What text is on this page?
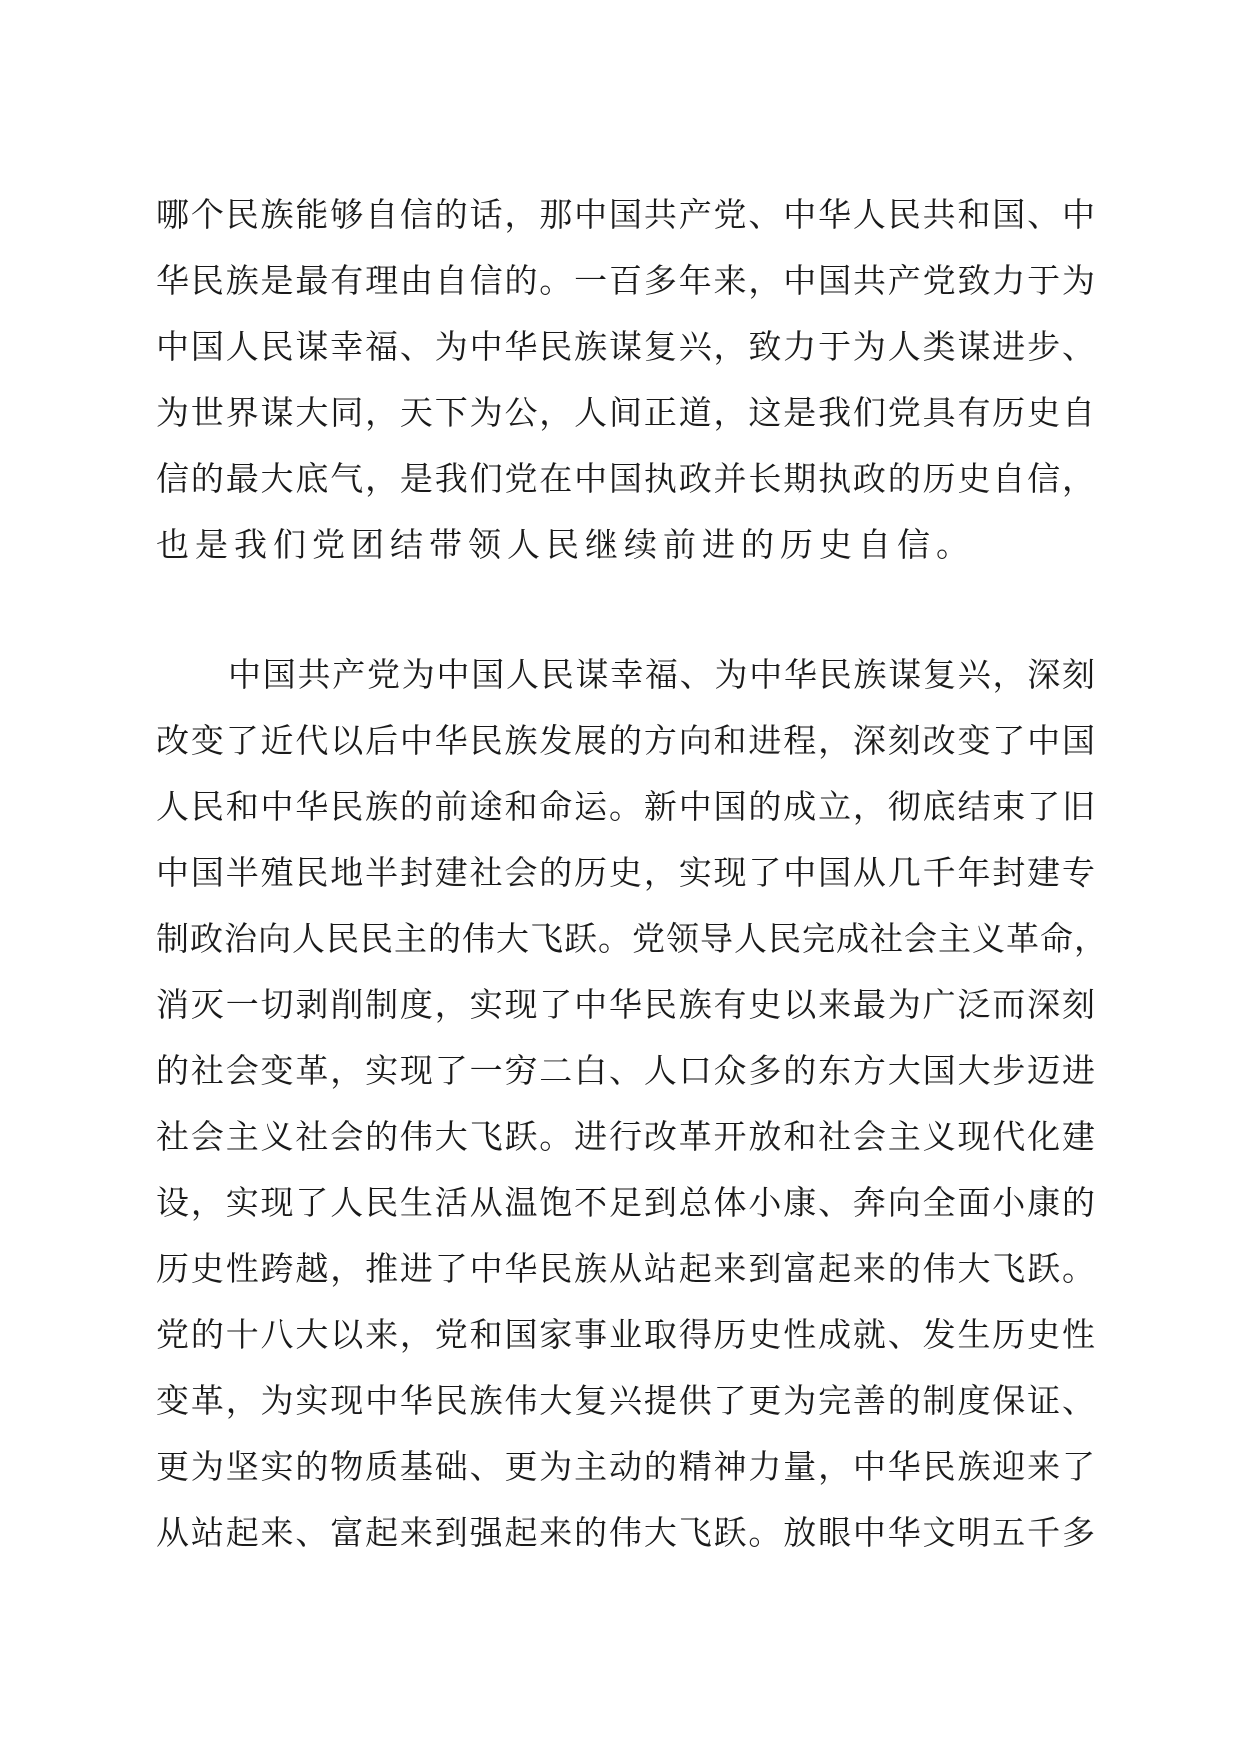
哪个民族能够自信的话，那中国共产党、中华人民共和国、中
华民族是最有理由自信的。一百多年来，中国共产党致力于为
中国人民谋幸福、为中华民族谋复兴，致力于为人类谋进步、
为世界谋大同，天下为公，人间正道，这是我们党具有历史自
信的最大底气，是我们党在中国执政并长期执政的历史自信，
也是我们党团结带领人民继续前进的历史自信。
中国共产党为中国人民谋幸福、为中华民族谋复兴，深刻
改变了近代以后中华民族发展的方向和进程，深刻改变了中国
人民和中华民族的前途和命运。新中国的成立，彻底结束了旧
中国半殖民地半封建社会的历史，实现了中国从几千年封建专
制政治向人民民主的伟大飞跃。党领导人民完成社会主义革命，
消灭一切剥削制度，实现了中华民族有史以来最为广泛而深刻
的社会变革，实现了一穷二白、人口众多的东方大国大步迈进
社会主义社会的伟大飞跃。进行改革开放和社会主义现代化建
设，实现了人民生活从温饱不足到总体小康、奔向全面小康的
历史性跨越，推进了中华民族从站起来到富起来的伟大飞跃。
党的十八大以来，党和国家事业取得历史性成就、发生历史性
变革，为实现中华民族伟大复兴提供了更为完善的制度保证、
更为坚实的物质基础、更为主动的精神力量，中华民族迎来了
从站起来、富起来到强起来的伟大飞跃。放眼中华文明五千多
